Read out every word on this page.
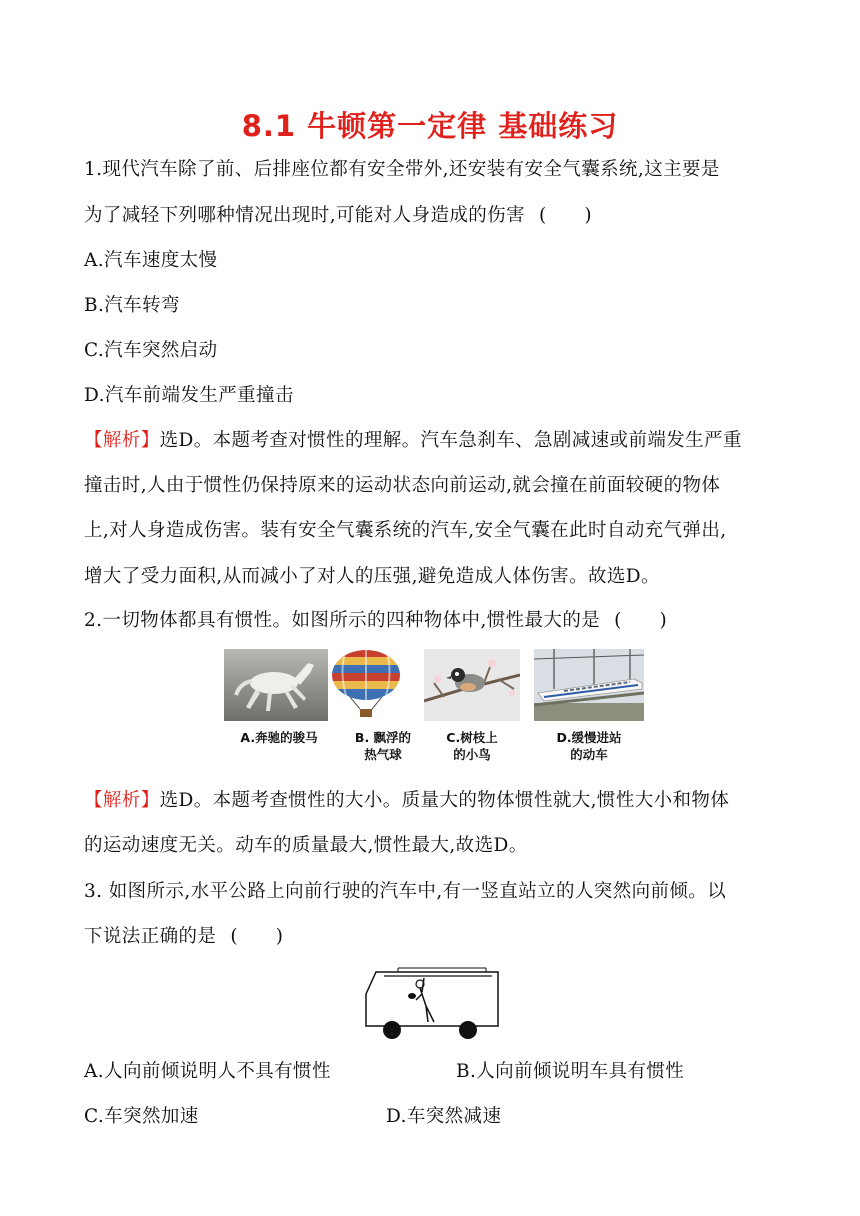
8.1 牛顿第一定律 基础练习
1.现代汽车除了前、后排座位都有安全带外,还安装有安全气囊系统,这主要是
为了减轻下列哪种情况出现时,可能对人身造成的伤害 (　　)
A.汽车速度太慢
B.汽车转弯
C.汽车突然启动
D.汽车前端发生严重撞击
【解析】选D。本题考查对惯性的理解。汽车急刹车、急剧减速或前端发生严重
撞击时,人由于惯性仍保持原来的运动状态向前运动,就会撞在前面较硬的物体
上,对人身造成伤害。装有安全气囊系统的汽车,安全气囊在此时自动充气弹出,
增大了受力面积,从而减小了对人的压强,避免造成人体伤害。故选D。
2.一切物体都具有惯性。如图所示的四种物体中,惯性最大的是 (　　)
A.奔驰的骏马	B. 飘浮的
热气球
C.树枝上
的小鸟
D.缓慢进站
的动车
【解析】选D。本题考查惯性的大小。质量大的物体惯性就大,惯性大小和物体
的运动速度无关。动车的质量最大,惯性最大,故选D。
3. 如图所示,水平公路上向前行驶的汽车中,有一竖直站立的人突然向前倾。以
下说法正确的是 (　　)
A.人向前倾说明人不具有惯性	B.人向前倾说明车具有惯性
C.车突然加速	D.车突然减速
